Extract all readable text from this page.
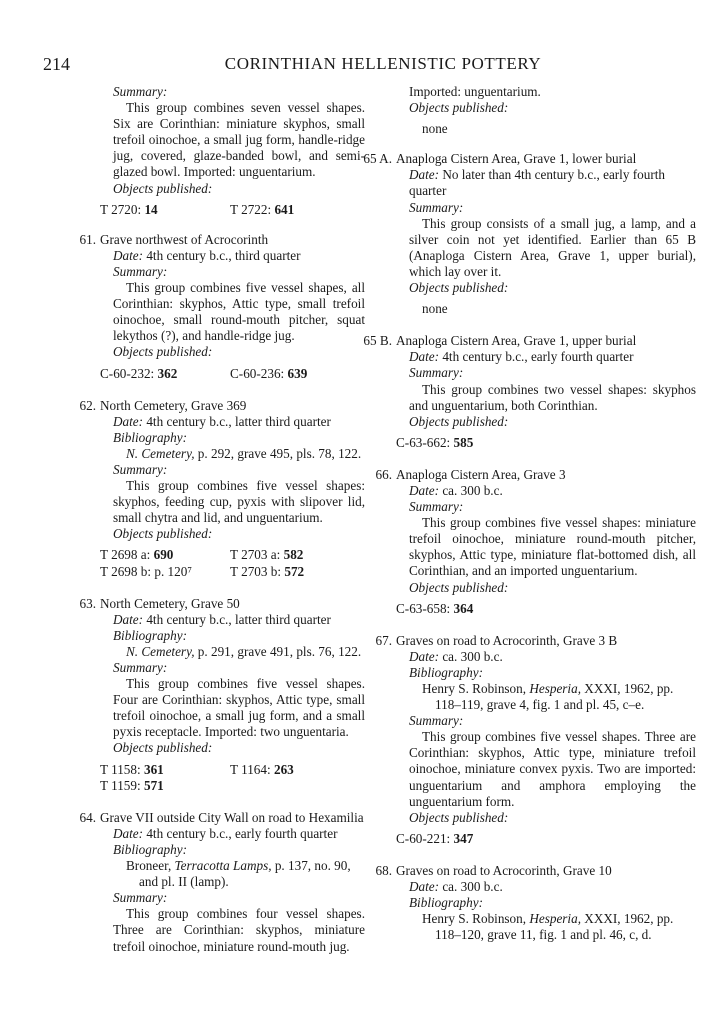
214	CORINTHIAN HELLENISTIC POTTERY
Summary:
This group combines seven vessel shapes. Six are Corinthian: miniature skyphos, small trefoil oinochoe, a small jug form, handle-ridge jug, covered, glaze-banded bowl, and semi-glazed bowl. Imported: unguentarium.
Objects published:
T 2720: 14	T 2722: 641
61. Grave northwest of Acrocorinth
Date: 4th century b.c., third quarter
Summary:
This group combines five vessel shapes, all Corinthian: skyphos, Attic type, small trefoil oinochoe, small round-mouth pitcher, squat lekythos (?), and handle-ridge jug.
Objects published:
C-60-232: 362	C-60-236: 639
62. North Cemetery, Grave 369
Date: 4th century b.c., latter third quarter
Bibliography:
N. Cemetery, p. 292, grave 495, pls. 78, 122.
Summary:
This group combines five vessel shapes: skyphos, feeding cup, pyxis with slipover lid, small chytra and lid, and unguentarium.
Objects published:
T 2698 a: 690	T 2703 a: 582
T 2698 b: p. 120⁷	T 2703 b: 572
63. North Cemetery, Grave 50
Date: 4th century b.c., latter third quarter
Bibliography:
N. Cemetery, p. 291, grave 491, pls. 76, 122.
Summary:
This group combines five vessel shapes. Four are Corinthian: skyphos, Attic type, small trefoil oinochoe, a small jug form, and a small pyxis receptacle. Imported: two unguentaria.
Objects published:
T 1158: 361	T 1164: 263
T 1159: 571
64. Grave VII outside City Wall on road to Hexamilia
Date: 4th century b.c., early fourth quarter
Bibliography:
Broneer, Terracotta Lamps, p. 137, no. 90, and pl. II (lamp).
Summary:
This group combines four vessel shapes. Three are Corinthian: skyphos, miniature trefoil oinochoe, miniature round-mouth jug.
Imported: unguentarium.
Objects published:
none
65 A. Anaploga Cistern Area, Grave 1, lower burial
Date: No later than 4th century b.c., early fourth quarter
Summary:
This group consists of a small jug, a lamp, and a silver coin not yet identified. Earlier than 65 B (Anaploga Cistern Area, Grave 1, upper burial), which lay over it.
Objects published:
none
65 B. Anaploga Cistern Area, Grave 1, upper burial
Date: 4th century b.c., early fourth quarter
Summary:
This group combines two vessel shapes: skyphos and unguentarium, both Corinthian.
Objects published:
C-63-662: 585
66. Anaploga Cistern Area, Grave 3
Date: ca. 300 b.c.
Summary:
This group combines five vessel shapes: miniature trefoil oinochoe, miniature round-mouth pitcher, skyphos, Attic type, miniature flat-bottomed dish, all Corinthian, and an imported unguentarium.
Objects published:
C-63-658: 364
67. Graves on road to Acrocorinth, Grave 3 B
Date: ca. 300 b.c.
Bibliography:
Henry S. Robinson, Hesperia, XXXI, 1962, pp. 118–119, grave 4, fig. 1 and pl. 45, c–e.
Summary:
This group combines five vessel shapes. Three are Corinthian: skyphos, Attic type, miniature trefoil oinochoe, miniature convex pyxis. Two are imported: unguentarium and amphora employing the unguentarium form.
Objects published:
C-60-221: 347
68. Graves on road to Acrocorinth, Grave 10
Date: ca. 300 b.c.
Bibliography:
Henry S. Robinson, Hesperia, XXXI, 1962, pp. 118–120, grave 11, fig. 1 and pl. 46, c, d.
